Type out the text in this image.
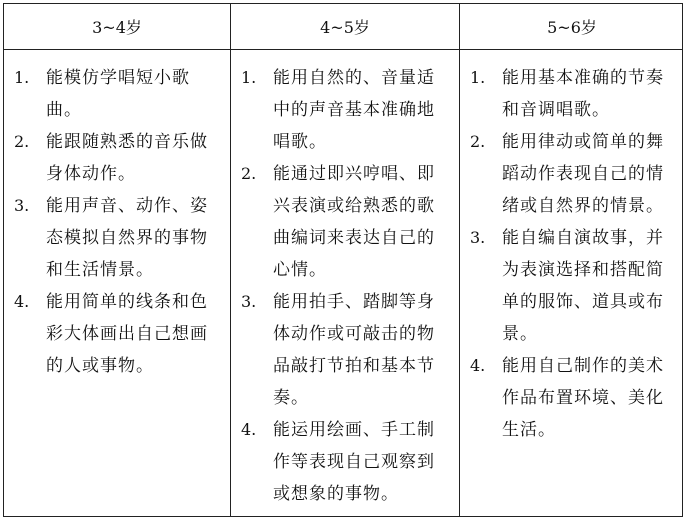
3~4岁	4~5岁	5~6岁
1. 能模仿学唱短小歌
曲。
2. 能跟随熟悉的音乐做
身体动作。
3. 能用声音、动作、姿
态模拟自然界的事物
和生活情景。
4. 能用简单的线条和色
彩大体画出自己想画
的人或事物。
1. 能用自然的、音量适
中的声音基本准确地
唱歌。
2. 能通过即兴哼唱、即
兴表演或给熟悉的歌
曲编词来表达自己的
心情。
3. 能用拍手、踏脚等身
体动作或可敲击的物
品敲打节拍和基本节
奏。
4. 能运用绘画、手工制
作等表现自己观察到
或想象的事物。
1. 能用基本准确的节奏
和音调唱歌。
2. 能用律动或简单的舞
蹈动作表现自己的情
绪或自然界的情景。
3. 能自编自演故事，并
为表演选择和搭配简
单的服饰、道具或布
景。
4. 能用自己制作的美术
作品布置环境、美化
生活。
